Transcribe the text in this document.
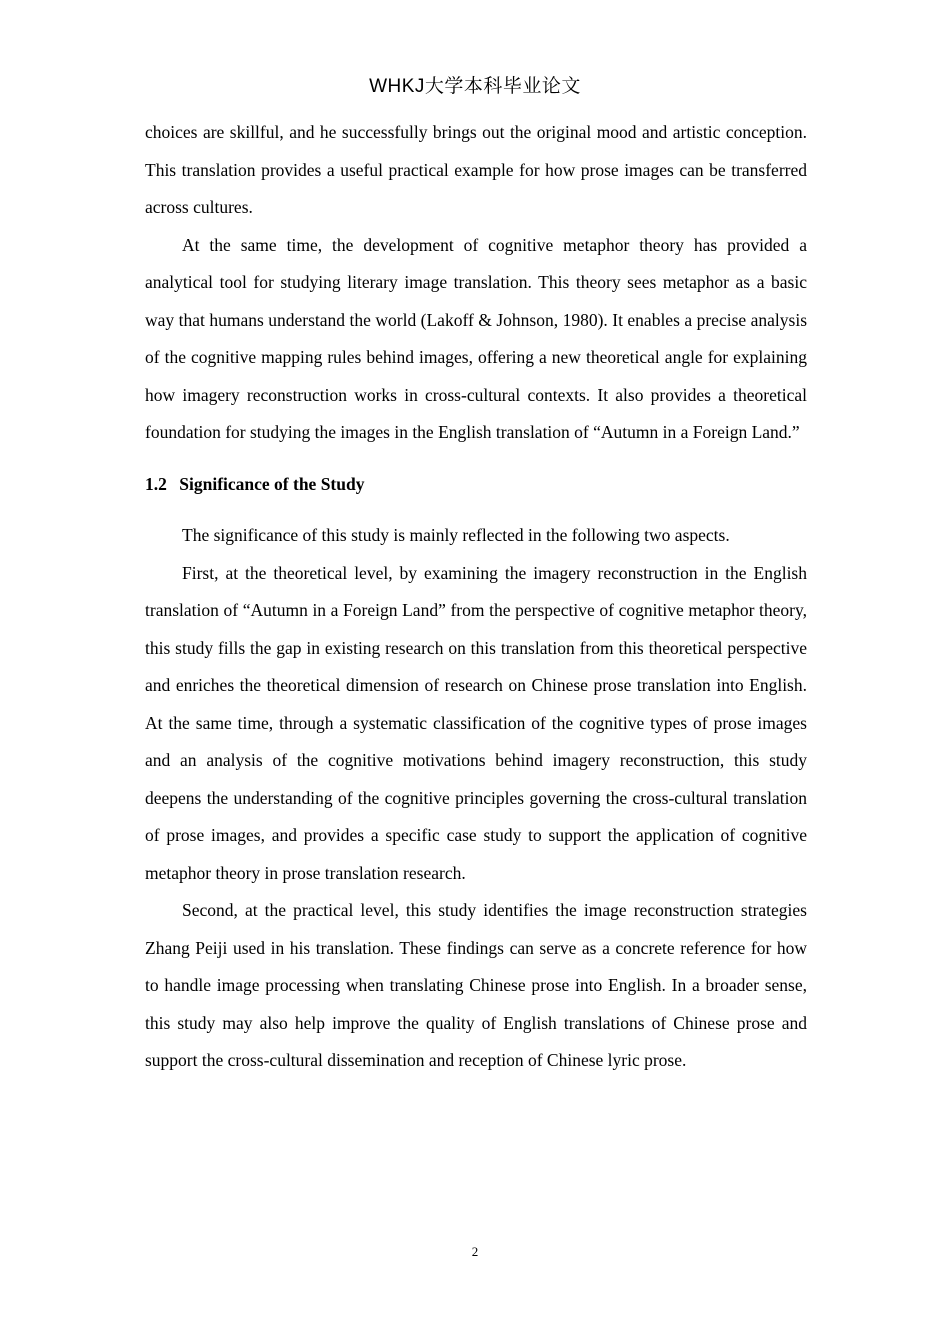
WHKJ大学本科毕业论文

choices are skillful, and he successfully brings out the original mood and artistic conception. This translation provides a useful practical example for how prose images can be transferred across cultures.

At the same time, the development of cognitive metaphor theory has provided a analytical tool for studying literary image translation. This theory sees metaphor as a basic way that humans understand the world (Lakoff & Johnson, 1980). It enables a precise analysis of the cognitive mapping rules behind images, offering a new theoretical angle for explaining how imagery reconstruction works in cross-cultural contexts. It also provides a theoretical foundation for studying the images in the English translation of “Autumn in a Foreign Land.”

1.2 Significance of the Study

The significance of this study is mainly reflected in the following two aspects.

First, at the theoretical level, by examining the imagery reconstruction in the English translation of “Autumn in a Foreign Land” from the perspective of cognitive metaphor theory, this study fills the gap in existing research on this translation from this theoretical perspective and enriches the theoretical dimension of research on Chinese prose translation into English. At the same time, through a systematic classification of the cognitive types of prose images and an analysis of the cognitive motivations behind imagery reconstruction, this study deepens the understanding of the cognitive principles governing the cross-cultural translation of prose images, and provides a specific case study to support the application of cognitive metaphor theory in prose translation research.

Second, at the practical level, this study identifies the image reconstruction strategies Zhang Peiji used in his translation. These findings can serve as a concrete reference for how to handle image processing when translating Chinese prose into English. In a broader sense, this study may also help improve the quality of English translations of Chinese prose and support the cross-cultural dissemination and reception of Chinese lyric prose.

2
